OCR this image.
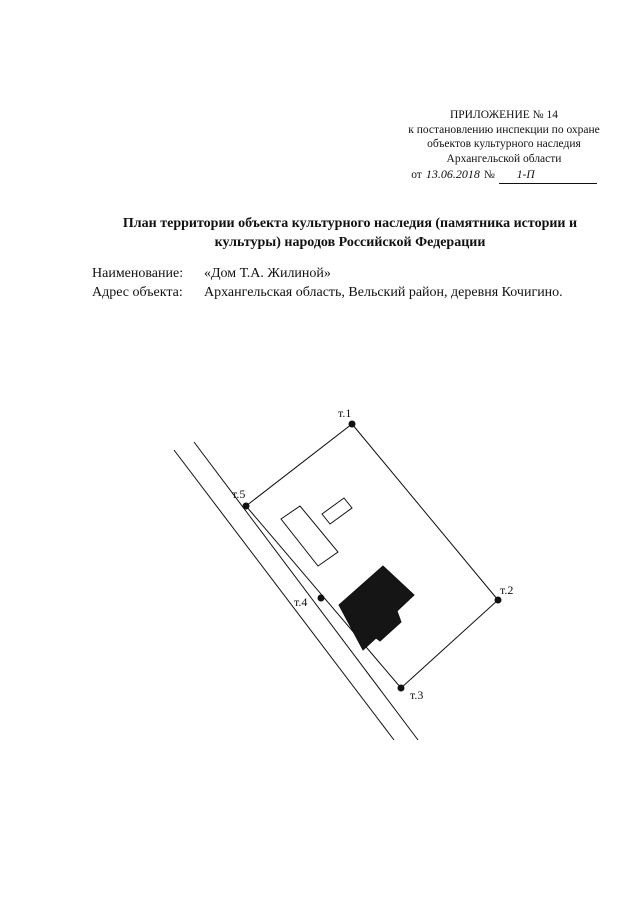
ПРИЛОЖЕНИЕ № 14
к постановлению инспекции по охране
объектов культурного наследия
Архангельской области
от 13.06.2018 №	1-П
План территории объекта культурного наследия (памятника истории и культуры) народов Российской Федерации
Наименование:	«Дом Т.А. Жилиной»
Адрес объекта:	Архангельская область, Вельский район, деревня Кочигино.
т.1
т.2
т.3
т.4
т.5
